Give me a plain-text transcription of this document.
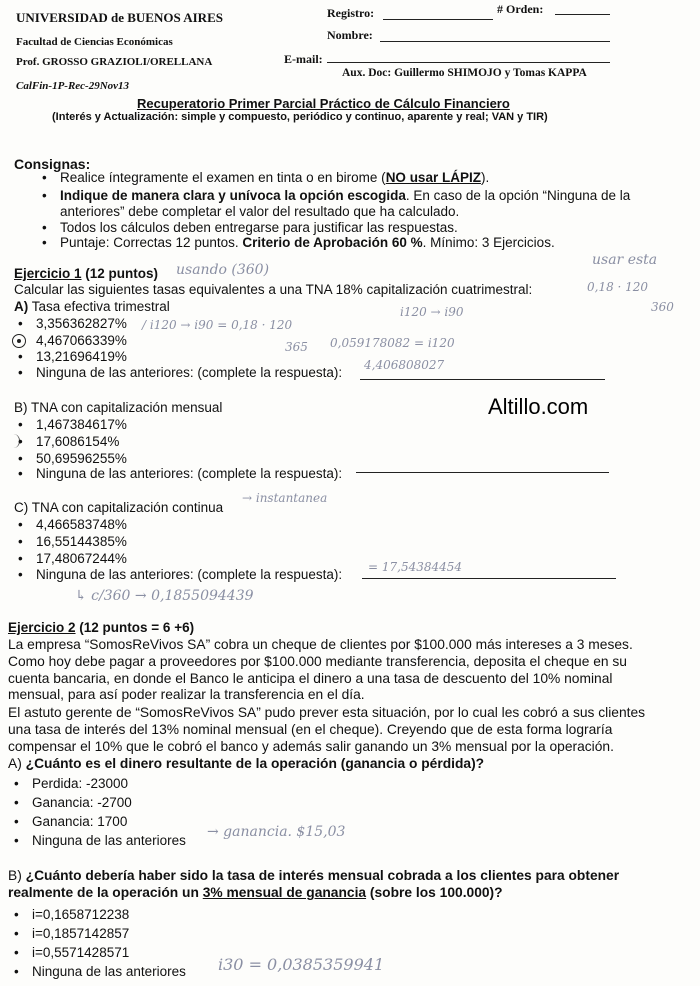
UNIVERSIDAD de BUENOS AIRES
Facultad de Ciencias Económicas
Prof. GROSSO GRAZIOLI/ORELLANA
CalFin-1P-Rec-29Nov13
Registro:	# Orden:
Nombre:
E-mail:
Aux. Doc: Guillermo SHIMOJO y Tomas KAPPA
Recuperatorio Primer Parcial Práctico de Cálculo Financiero
(Interés y Actualización: simple y compuesto, periódico y continuo, aparente y real; VAN y TIR)
Consignas:
• Realice íntegramente el examen en tinta o en birome (NO usar LÁPIZ).
• Indique de manera clara y unívoca la opción escogida. En caso de la opción “Ninguna de la
anteriores” debe completar el valor del resultado que ha calculado.
• Todos los cálculos deben entregarse para justificar las respuestas.
• Puntaje: Correctas 12 puntos. Criterio de Aprobación 60 %. Mínimo: 3 Ejercicios.
Ejercicio 1 (12 puntos)
Calcular las siguientes tasas equivalentes a una TNA 18% capitalización cuatrimestral:
A) Tasa efectiva trimestral
• 3,356362827%
4,467066339%
• 13,21696419%
• Ninguna de las anteriores: (complete la respuesta):
B) TNA con capitalización mensual
• 1,467384617%
• 17,6086154%
• 50,69596255%
• Ninguna de las anteriores: (complete la respuesta):
C) TNA con capitalización continua
• 4,466583748%
• 16,55144385%
• 17,48067244%
• Ninguna de las anteriores: (complete la respuesta):
Altillo.com
Ejercicio 2 (12 puntos = 6 +6)
La empresa “SomosReVivos SA” cobra un cheque de clientes por $100.000 más intereses a 3 meses.
Como hoy debe pagar a proveedores por $100.000 mediante transferencia, deposita el cheque en su
cuenta bancaria, en donde el Banco le anticipa el dinero a una tasa de descuento del 10% nominal
mensual, para así poder realizar la transferencia en el día.
El astuto gerente de “SomosReVivos SA” pudo prever esta situación, por lo cual les cobró a sus clientes
una tasa de interés del 13% nominal mensual (en el cheque). Creyendo que de esta forma lograría
compensar el 10% que le cobró el banco y además salir ganando un 3% mensual por la operación.
A) ¿Cuánto es el dinero resultante de la operación (ganancia o pérdida)?
• Perdida: -23000
• Ganancia: -2700
• Ganancia: 1700
• Ninguna de las anteriores
B) ¿Cuánto debería haber sido la tasa de interés mensual cobrada a los clientes para obtener
realmente de la operación un 3% mensual de ganancia (sobre los 100.000)?
• i=0,1658712238
• i=0,1857142857
• i=0,5571428571
• Ninguna de las anteriores
usando (360)
usar esta
0,18 · 120
360
/ i120 → i90 = 0,18 · 120
365
i120 → i90
0,059178082 = i120
4,406808027
→ instantanea
= 17,54384454
↳ c/360 → 0,1855094439
→ ganancia. $15,03
i30 = 0,0385359941
